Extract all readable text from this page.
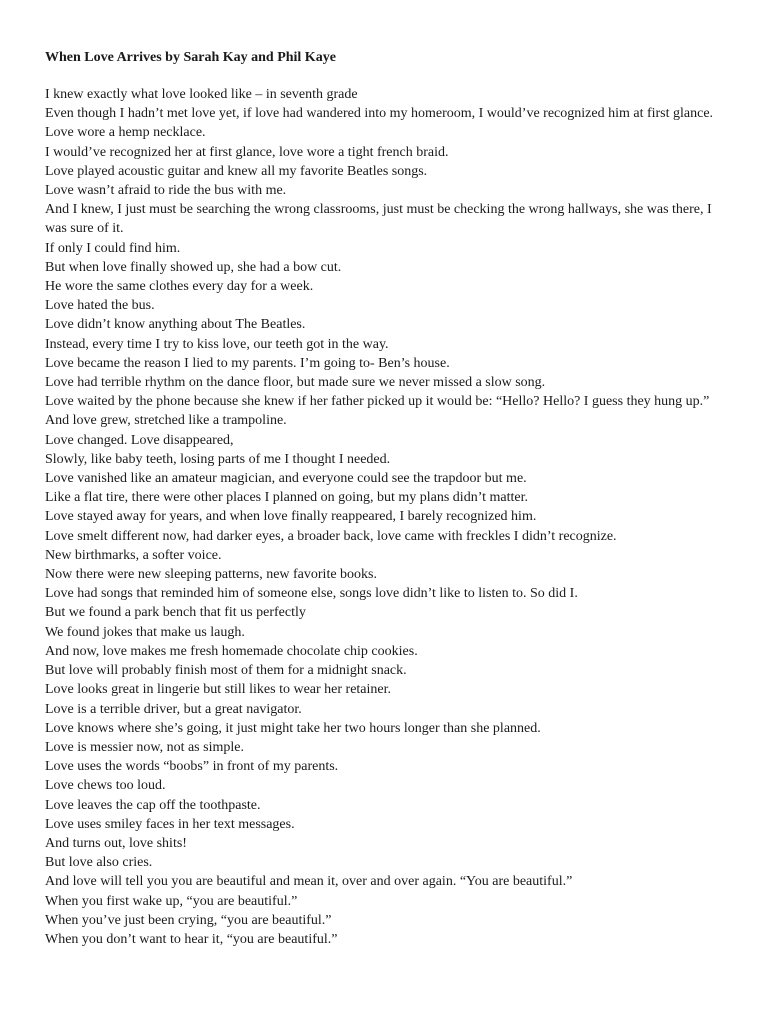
When Love Arrives by Sarah Kay and Phil Kaye

I knew exactly what love looked like – in seventh grade

Even though I hadn’t met love yet, if love had wandered into my homeroom, I would’ve recognized him at first glance. Love wore a hemp necklace.

I would’ve recognized her at first glance, love wore a tight french braid.

Love played acoustic guitar and knew all my favorite Beatles songs.

Love wasn’t afraid to ride the bus with me.

And I knew, I just must be searching the wrong classrooms, just must be checking the wrong hallways, she was there, I was sure of it.

If only I could find him.

But when love finally showed up, she had a bow cut.

He wore the same clothes every day for a week.

Love hated the bus.

Love didn’t know anything about The Beatles.

Instead, every time I try to kiss love, our teeth got in the way.

Love became the reason I lied to my parents. I’m going to- Ben’s house.

Love had terrible rhythm on the dance floor, but made sure we never missed a slow song.

Love waited by the phone because she knew if her father picked up it would be: “Hello? Hello? I guess they hung up.”

And love grew, stretched like a trampoline.

Love changed. Love disappeared,

Slowly, like baby teeth, losing parts of me I thought I needed.

Love vanished like an amateur magician, and everyone could see the trapdoor but me.

Like a flat tire, there were other places I planned on going, but my plans didn’t matter.

Love stayed away for years, and when love finally reappeared, I barely recognized him.

Love smelt different now, had darker eyes, a broader back, love came with freckles I didn’t recognize.

New birthmarks, a softer voice.

Now there were new sleeping patterns, new favorite books.

Love had songs that reminded him of someone else, songs love didn’t like to listen to. So did I.

But we found a park bench that fit us perfectly

We found jokes that make us laugh.

And now, love makes me fresh homemade chocolate chip cookies.

But love will probably finish most of them for a midnight snack.

Love looks great in lingerie but still likes to wear her retainer.

Love is a terrible driver, but a great navigator.

Love knows where she’s going, it just might take her two hours longer than she planned.

Love is messier now, not as simple.

Love uses the words “boobs” in front of my parents.

Love chews too loud.

Love leaves the cap off the toothpaste.

Love uses smiley faces in her text messages.

And turns out, love shits!

But love also cries.

And love will tell you you are beautiful and mean it, over and over again. “You are beautiful.”

When you first wake up, “you are beautiful.”

When you’ve just been crying, “you are beautiful.”

When you don’t want to hear it, “you are beautiful.”
